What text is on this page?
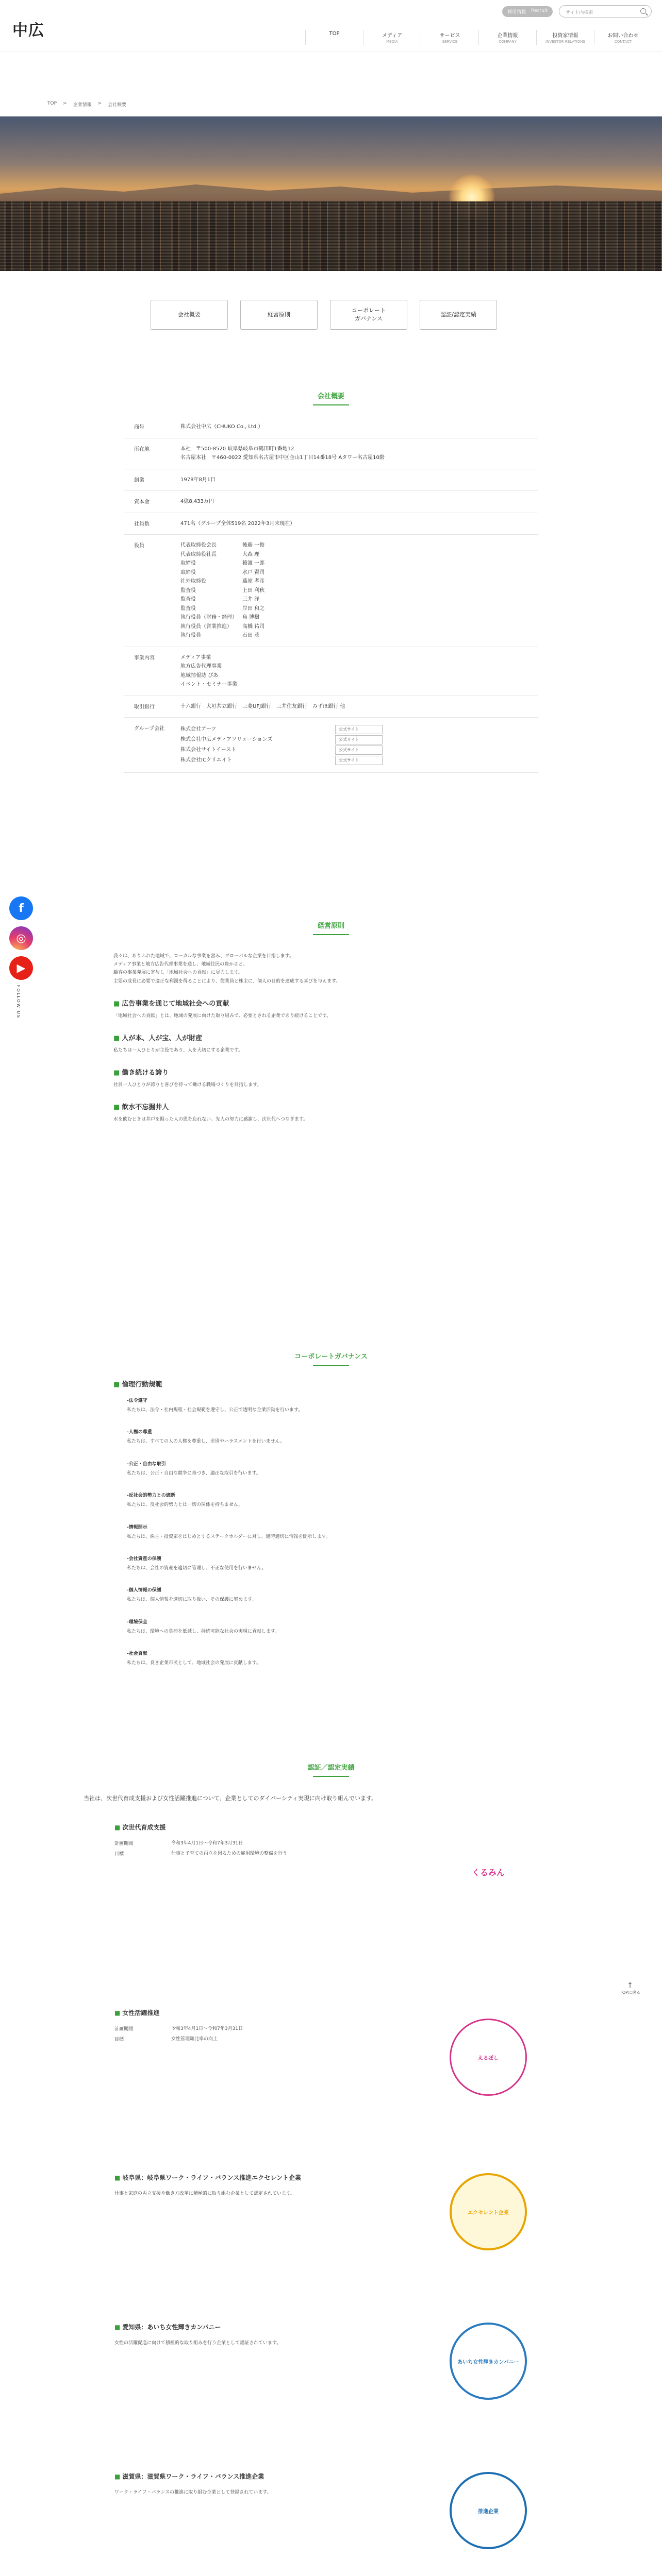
中広
採用情報 Recruit	サイト内検索
TOP	メディア
MEDIA
サービス
SERVICE
企業情報
COMPANY
投資家情報
INVESTOR RELATIONS
お問い合わせ
CONTACT
TOP > 企業情報 > 会社概要
会社概要	経営原則
コーポレート
ガバナンス
認証/認定実績
会社概要
商号	株式会社中広（CHUKO Co., Ltd.）
所在地	本社　〒500-8520 岐阜県岐阜市鶴田町1番地12
名古屋本社　〒460-0022 愛知県名古屋市中区金山1丁目14番18号 Aタワー名古屋10階
創業	1978年8月1日
資本金	4億8,433万円
社員数	471名（グループ全体519名 2022年3月末現在）
役員	代表取締役会長	後藤 一俊
代表取締役社長	大森 理
取締役	猿渡 一郎
取締役	水戸 賢司
社外取締役	藤原 孝彦
監査役	上田 利秋
監査役	三井 洋
監査役	岸田 和之
執行役員（財務・経理）	角 博樹
執行役員（営業推進）	高橋 祐司
執行役員	石田 茂
事業内容	メディア事業
地方広告代理事業
地域情報誌 ぴあ
イベント・セミナー事業
取引銀行	十六銀行　大垣共立銀行　三菱UFJ銀行　三井住友銀行　みずほ銀行 他
グループ会社	株式会社アーツ	公式サイト
株式会社中広メディアソリューションズ	公式サイト
株式会社サイトイースト	公式サイト
株式会社ICクリエイト	公式サイト
f
◎
▶
FOLLOW US
経営原則

我々は、ありふれた地域で、ローカルな事業を営み、グローバルな企業を目指します。

メディア事業と地方広告代理事業を通し、地域住民の豊かさと、

顧客の事業発展に寄与し「地域社会への貢献」に尽力します。

主要の成長に必要で適正な利潤を得ることにより、従業員と株主に、個人の目的を達成する喜びを与えます。

■ 広告事業を通じて地域社会への貢献

「地域社会への貢献」とは、地域の発展に向けた取り組みで、必要とされる企業であり続けることです。

■ 人が本、人が宝、人が財産

私たちは一人ひとりが主役であり、人を大切にする企業です。

■ 働き続ける誇り

社員一人ひとりが誇りと喜びを持って働ける職場づくりを目指します。

■ 飲水不忘掘井人

水を飲むときは井戸を掘った人の恩を忘れない。先人の努力に感謝し、次世代へつなぎます。

コーポレートガバナンス
■ 倫理行動規範
-法令遵守
私たちは、法令・社内規程・社会規範を遵守し、公正で透明な企業活動を行います。
-人権の尊重
私たちは、すべての人の人権を尊重し、差別やハラスメントを行いません。
-公正・自由な取引
私たちは、公正・自由な競争に基づき、適正な取引を行います。
-反社会的勢力との遮断
私たちは、反社会的勢力とは一切の関係を持ちません。
-情報開示
私たちは、株主・投資家をはじめとするステークホルダーに対し、適時適切に情報を開示します。
-会社資産の保護
私たちは、会社の資産を適切に管理し、不正な使用を行いません。
-個人情報の保護
私たちは、個人情報を適切に取り扱い、その保護に努めます。
-環境保全
私たちは、環境への負荷を低減し、持続可能な社会の実現に貢献します。
-社会貢献
私たちは、良き企業市民として、地域社会の発展に貢献します。
認証／認定実績

当社は、次世代育成支援および女性活躍推進について、企業としてのダイバーシティ実現に向け取り組んでいます。

■ 次世代育成支援
計画期間	令和3年4月1日〜令和7年3月31日
目標	仕事と子育ての両立を図るための雇用環境の整備を行う
くるみん
■ 女性活躍推進
計画期間	令和3年4月1日〜令和7年3月31日
目標	女性管理職比率の向上
えるぼし
■ 岐阜県：岐阜県ワーク・ライフ・バランス推進エクセレント企業

仕事と家庭の両立支援や働き方改革に積極的に取り組む企業として認定されています。

エクセレント企業
■ 愛知県：あいち女性輝きカンパニー

女性の活躍促進に向けて積極的な取り組みを行う企業として認証されています。

あいち女性輝きカンパニー
■ 滋賀県：滋賀県ワーク・ライフ・バランス推進企業

ワーク・ライフ・バランスの推進に取り組む企業として登録されています。

推進企業

↑
TOPに戻る
